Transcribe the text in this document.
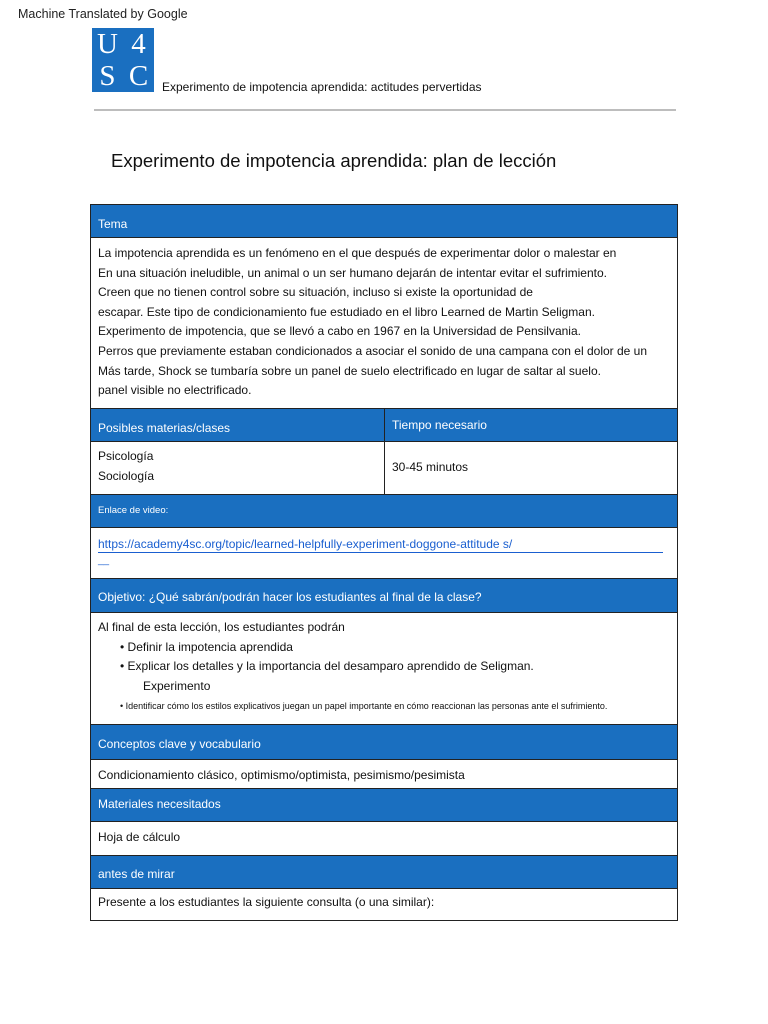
Machine Translated by Google
U 4
S C	Experimento de impotencia aprendida: actitudes pervertidas
Experimento de impotencia aprendida: plan de lección
Tema
La impotencia aprendida es un fenómeno en el que después de experimentar dolor o malestar en
En una situación ineludible, un animal o un ser humano dejarán de intentar evitar el sufrimiento.
Creen que no tienen control sobre su situación, incluso si existe la oportunidad de
escapar. Este tipo de condicionamiento fue estudiado en el libro Learned de Martin Seligman.
Experimento de impotencia, que se llevó a cabo en 1967 en la Universidad de Pensilvania.
Perros que previamente estaban condicionados a asociar el sonido de una campana con el dolor de un
Más tarde, Shock se tumbaría sobre un panel de suelo electrificado en lugar de saltar al suelo.
panel visible no electrificado.
Posibles materias/clases	Tiempo necesario
Psicología
Sociología
30-45 minutos
Enlace de video:
https://academy4sc.org/topic/learned-helpfully-experiment-doggone-attitude s/
__
Objetivo: ¿Qué sabrán/podrán hacer los estudiantes al final de la clase?
Al final de esta lección, los estudiantes podrán
• Definir la impotencia aprendida
• Explicar los detalles y la importancia del desamparo aprendido de Seligman.
Experimento
• Identificar cómo los estilos explicativos juegan un papel importante en cómo reaccionan las personas ante el sufrimiento.
Conceptos clave y vocabulario
Condicionamiento clásico, optimismo/optimista, pesimismo/pesimista
Materiales necesitados
Hoja de cálculo
antes de mirar
Presente a los estudiantes la siguiente consulta (o una similar):
